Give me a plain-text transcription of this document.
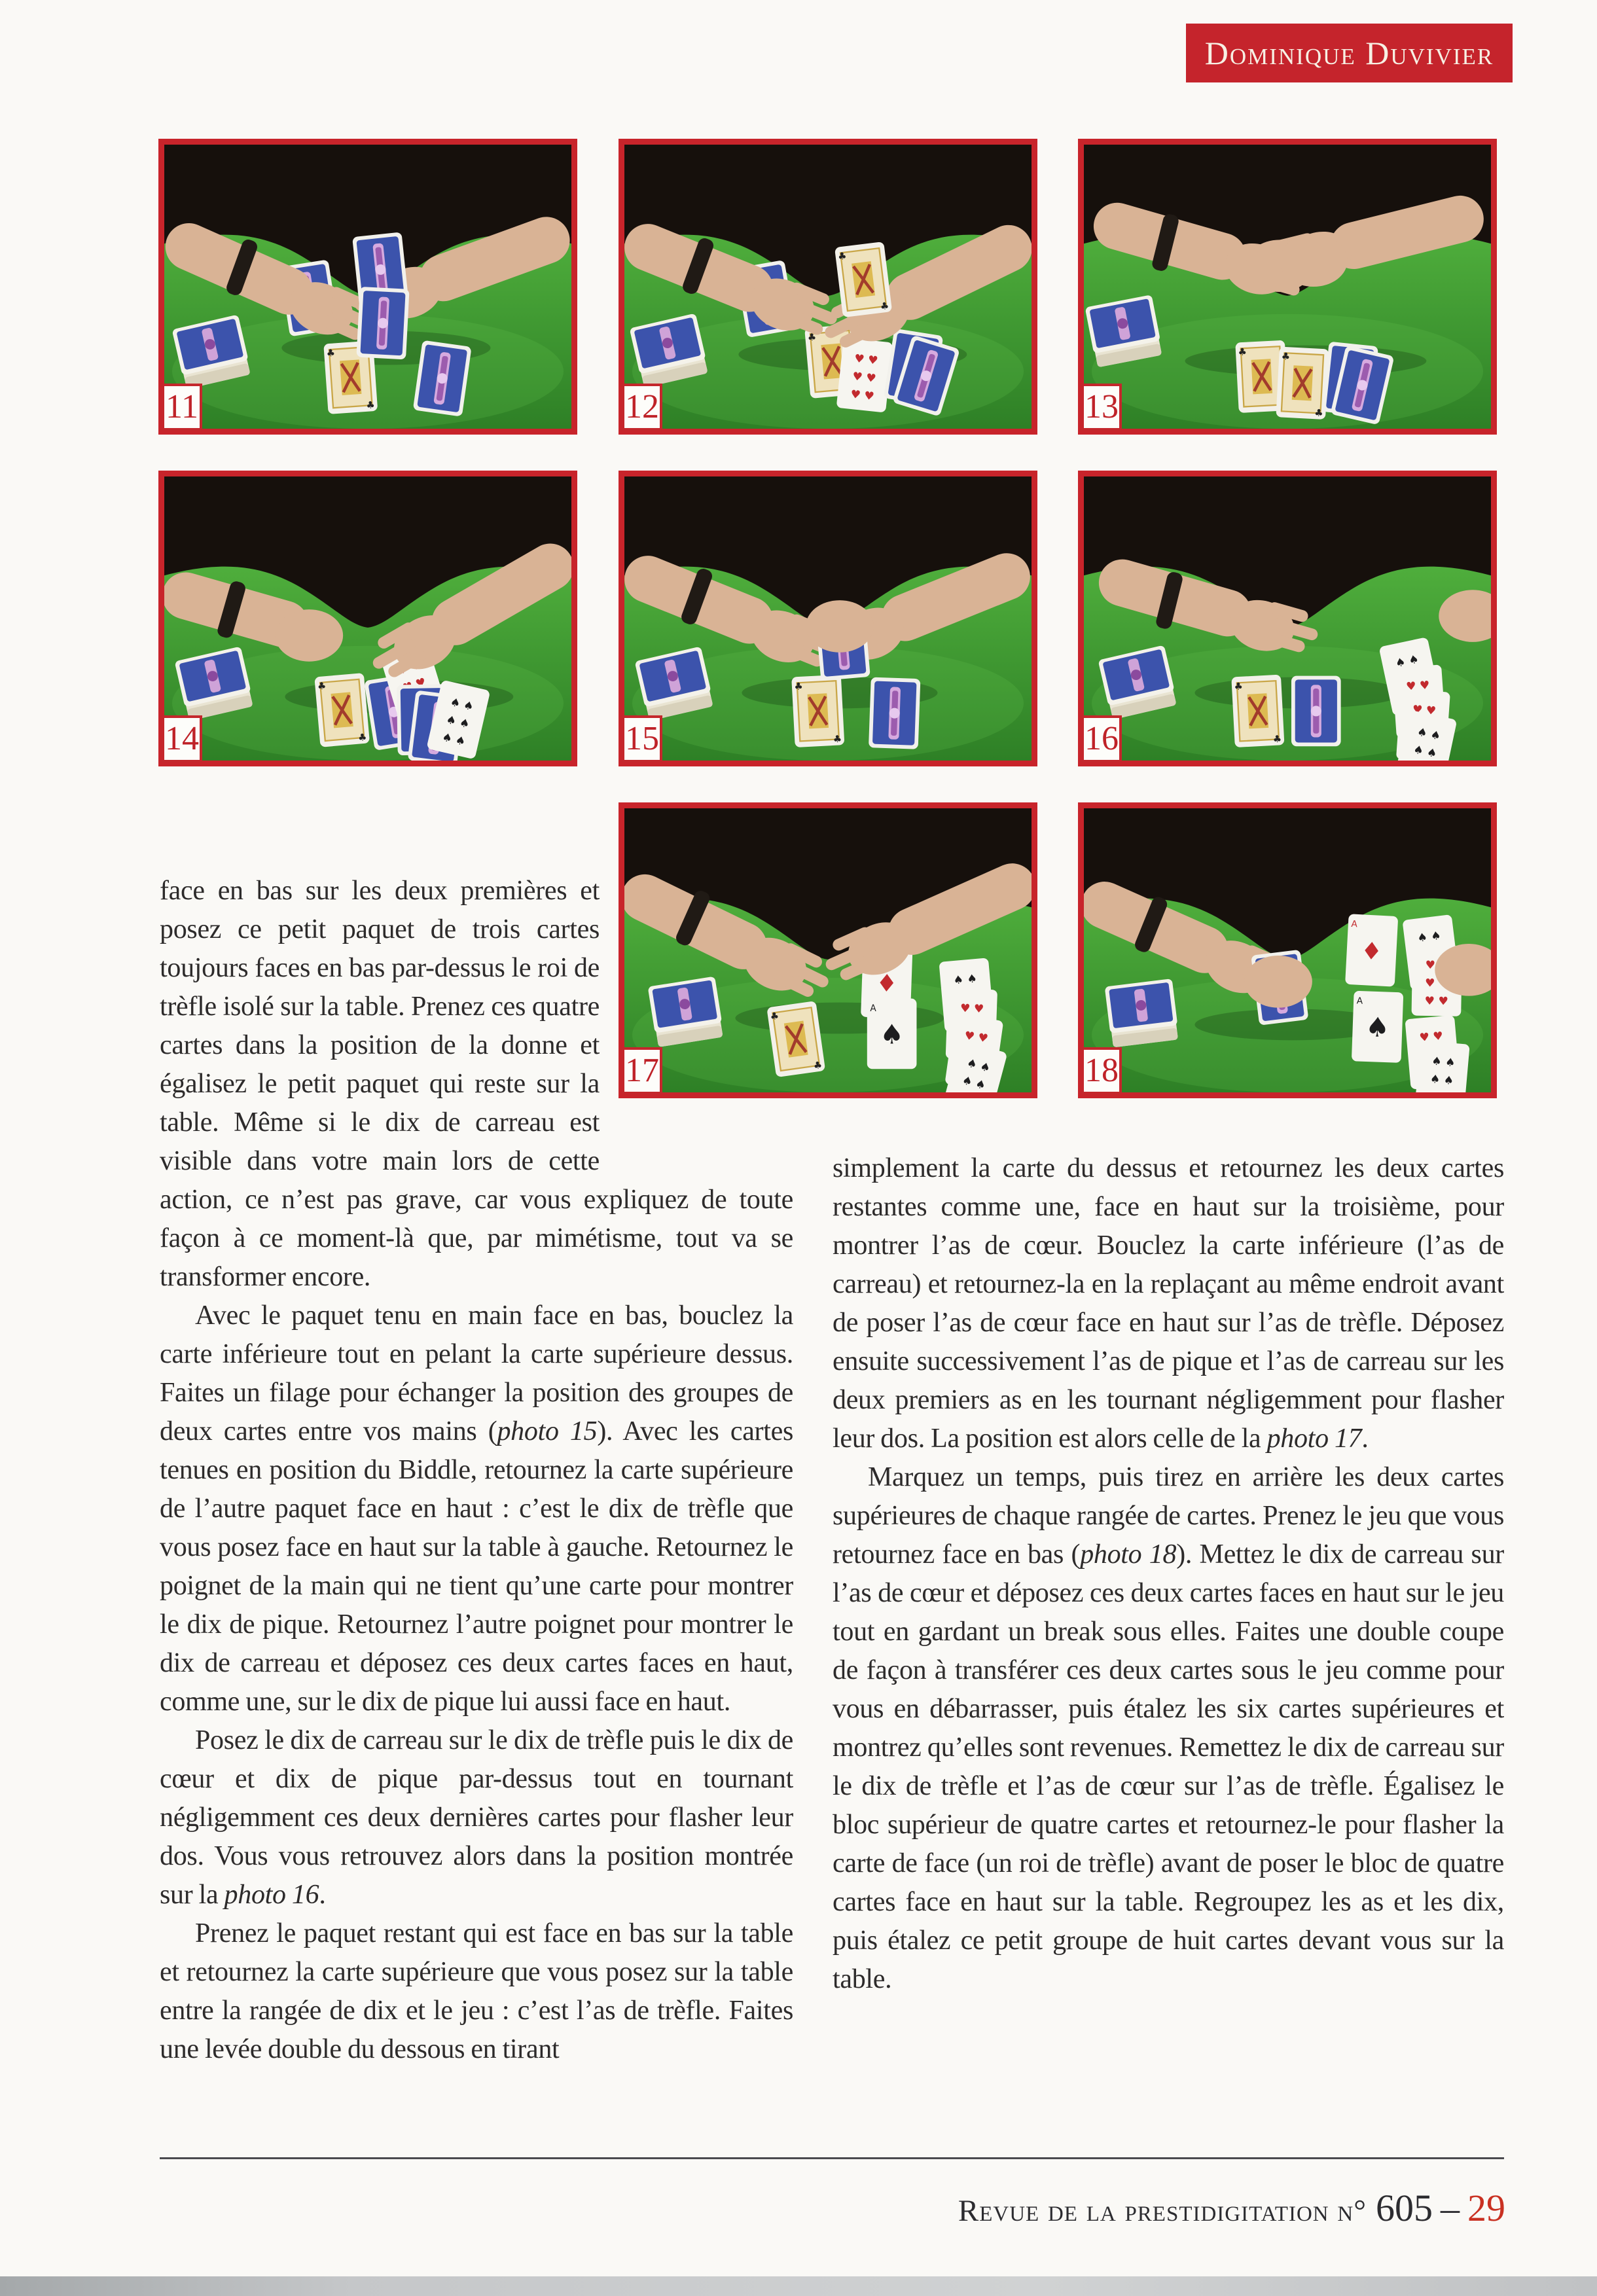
Dominique Duvivier
11	12	13
14	15	16
17	18

face en bas sur les deux premières et posez ce petit paquet de trois cartes toujours faces en bas par-dessus le roi de trèfle isolé sur la table. Prenez ces quatre cartes dans la position de la donne et égalisez le petit paquet qui reste sur la table. Même si le dix de carreau est visible dans votre main lors de cette action, ce n’est pas grave, car vous expliquez de toute façon à ce moment-là que, par mimétisme, tout va se transformer encore.

Avec le paquet tenu en main face en bas, bouclez la carte inférieure tout en pelant la carte supérieure dessus. Faites un filage pour échanger la position des groupes de deux cartes entre vos mains (photo 15). Avec les cartes tenues en position du Biddle, retournez la carte supérieure de l’autre paquet face en haut : c’est le dix de trèfle que vous posez face en haut sur la table à gauche. Retournez le poignet de la main qui ne tient qu’une carte pour montrer le dix de pique. Retournez l’autre poignet pour montrer le dix de carreau et déposez ces deux cartes faces en haut, comme une, sur le dix de pique lui aussi face en haut.

Posez le dix de carreau sur le dix de trèfle puis le dix de cœur et dix de pique par-dessus tout en tournant négligemment ces deux dernières cartes pour flasher leur dos. Vous vous retrouvez alors dans la position montrée sur la photo 16.

Prenez le paquet restant qui est face en bas sur la table et retournez la carte supérieure que vous posez sur la table entre la rangée de dix et le jeu : c’est l’as de trèfle. Faites une levée double du dessous en tirant

simplement la carte du dessus et retournez les deux cartes restantes comme une, face en haut sur la troisième, pour montrer l’as de cœur. Bouclez la carte inférieure (l’as de carreau) et retournez-la en la replaçant au même endroit avant de poser l’as de cœur face en haut sur l’as de trèfle. Déposez ensuite successivement l’as de pique et l’as de carreau sur les deux premiers as en les tournant négligemment pour flasher leur dos. La position est alors celle de la photo 17.

Marquez un temps, puis tirez en arrière les deux cartes supérieures de chaque rangée de cartes. Prenez le jeu que vous retournez face en bas (photo 18). Mettez le dix de carreau sur l’as de cœur et déposez ces deux cartes faces en haut sur le jeu tout en gardant un break sous elles. Faites une double coupe de façon à transférer ces deux cartes sous le jeu comme pour vous en débarrasser, puis étalez les six cartes supérieures et montrez qu’elles sont revenues. Remettez le dix de carreau sur le dix de trèfle et l’as de cœur sur l’as de trèfle. Égalisez le bloc supérieur de quatre cartes et retournez-le pour flasher la carte de face (un roi de trèfle) avant de poser le bloc de quatre cartes face en haut sur la table. Regroupez les as et les dix, puis étalez ce petit groupe de huit cartes devant vous sur la table.

Revue de la prestidigitation n° 605 – 29
